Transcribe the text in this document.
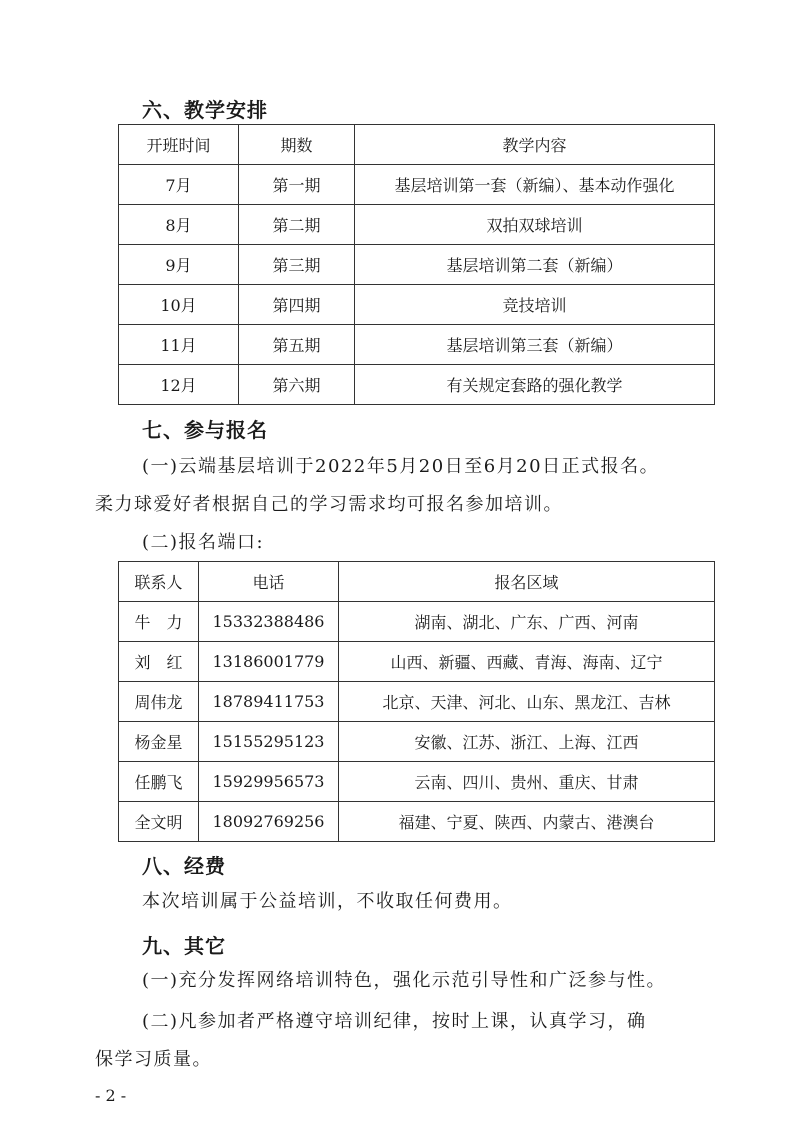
六、教学安排
开班时间	期数	教学内容
7月	第一期	基层培训第一套（新编）、基本动作强化
8月	第二期	双拍双球培训
9月	第三期	基层培训第二套（新编）
10月	第四期	竞技培训
11月	第五期	基层培训第三套（新编）
12月	第六期	有关规定套路的强化教学
七、参与报名

(一)云端基层培训于2022年5月20日至6月20日正式报名。

柔力球爱好者根据自己的学习需求均可报名参加培训。

(二)报名端口:

联系人	电话	报名区域
牛　力	15332388486	湖南、湖北、广东、广西、河南
刘　红	13186001779	山西、新疆、西藏、青海、海南、辽宁
周伟龙	18789411753	北京、天津、河北、山东、黑龙江、吉林
杨金星	15155295123	安徽、江苏、浙江、上海、江西
任鹏飞	15929956573	云南、四川、贵州、重庆、甘肃
全文明	18092769256	福建、宁夏、陕西、内蒙古、港澳台
八、经费

本次培训属于公益培训，不收取任何费用。

九、其它

(一)充分发挥网络培训特色，强化示范引导性和广泛参与性。

(二)凡参加者严格遵守培训纪律，按时上课，认真学习，确

保学习质量。

- 2 -
